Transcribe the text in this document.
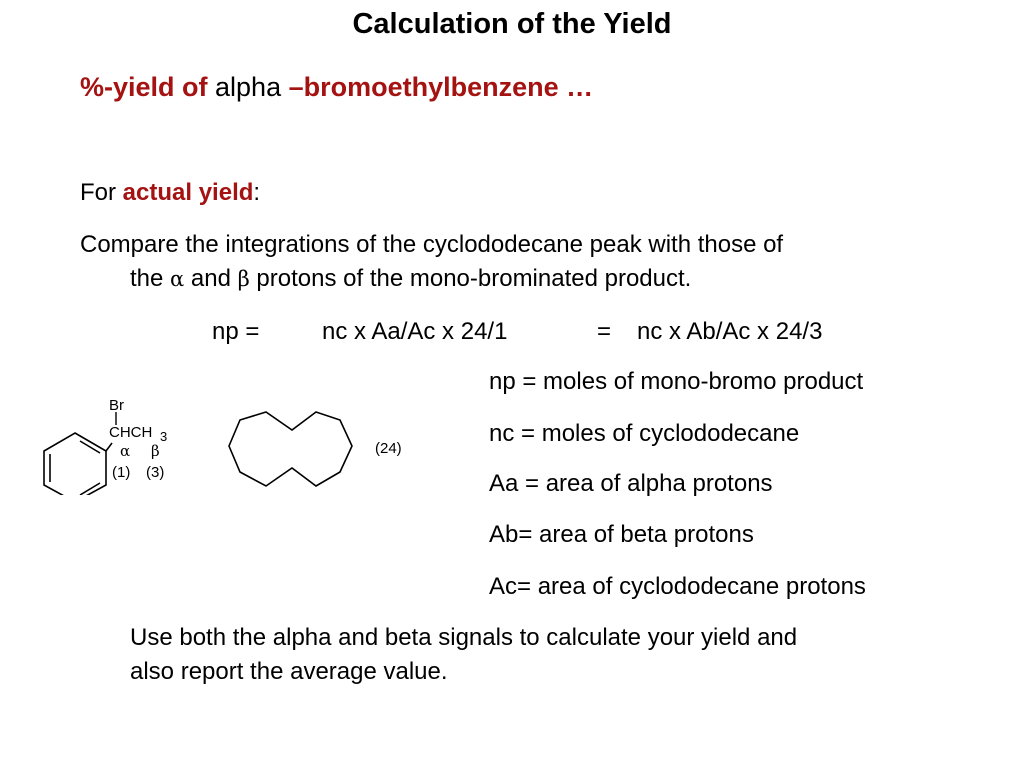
Calculation of the Yield
%-yield of alpha –bromoethylbenzene …
For actual yield:
Compare the integrations of the cyclododecane peak with those of
the α and β protons of the mono-brominated product.
np =	nc x Aa/Ac x 24/1	= nc x Ab/Ac x 24/3
np = moles of mono-bromo product
nc = moles of cyclododecane
Aa = area of alpha protons
Ab= area of beta protons
Ac= area of cyclododecane protons
Br
CHCH 3
α β
(1) (3)
(24)
Use both the alpha and beta signals to calculate your yield and
also report the average value.
